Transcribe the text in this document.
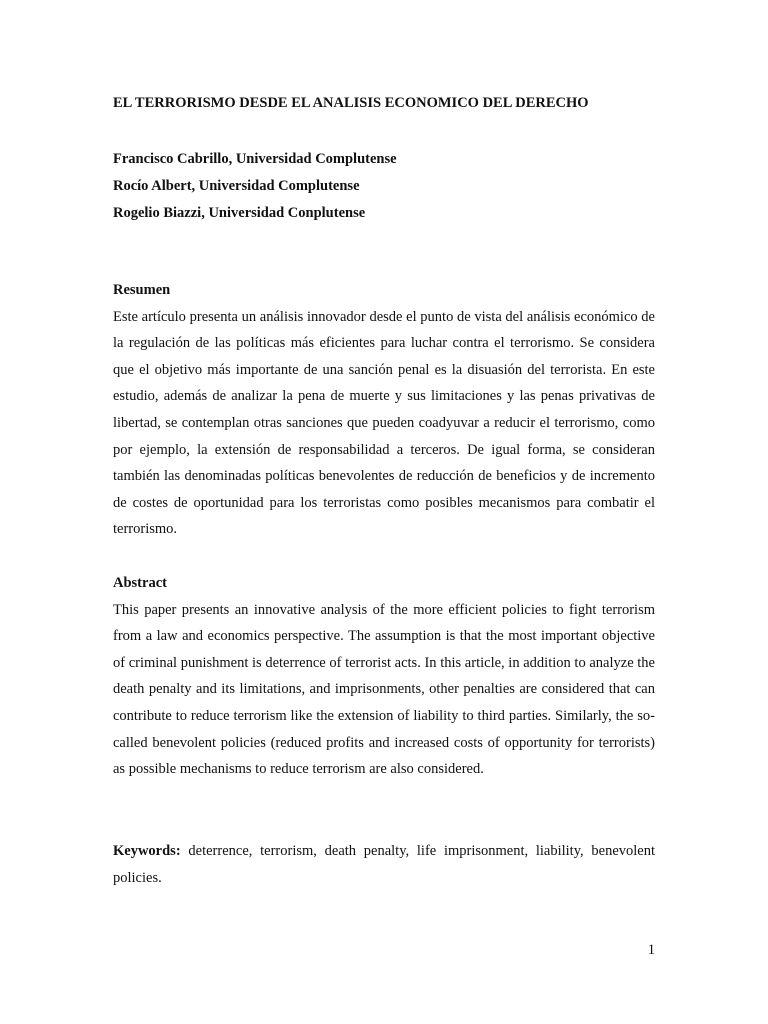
EL TERRORISMO DESDE EL ANALISIS ECONOMICO DEL DERECHO
Francisco Cabrillo, Universidad Complutense
Rocío Albert, Universidad Complutense
Rogelio Biazzi, Universidad Conplutense

Resumen

Este artículo presenta un análisis innovador desde el punto de vista del análisis económico de la regulación de las políticas más eficientes para luchar contra el terrorismo. Se considera que el objetivo más importante de una sanción penal es la disuasión del terrorista. En este estudio, además de analizar la pena de muerte y sus limitaciones y las penas privativas de libertad, se contemplan otras sanciones que pueden coadyuvar a reducir el terrorismo, como por ejemplo, la extensión de responsabilidad a terceros. De igual forma, se consideran también las denominadas políticas benevolentes de reducción de beneficios y de incremento de costes de oportunidad para los terroristas como posibles mecanismos para combatir el terrorismo.

Abstract

This paper presents an innovative analysis of the more efficient policies to fight terrorism from a law and economics perspective. The assumption is that the most important objective of criminal punishment is deterrence of terrorist acts. In this article, in addition to analyze the death penalty and its limitations, and imprisonments, other penalties are considered that can contribute to reduce terrorism like the extension of liability to third parties. Similarly, the so-called benevolent policies (reduced profits and increased costs of opportunity for terrorists) as possible mechanisms to reduce terrorism are also considered.

Keywords: deterrence, terrorism, death penalty, life imprisonment, liability, benevolent policies.

1
